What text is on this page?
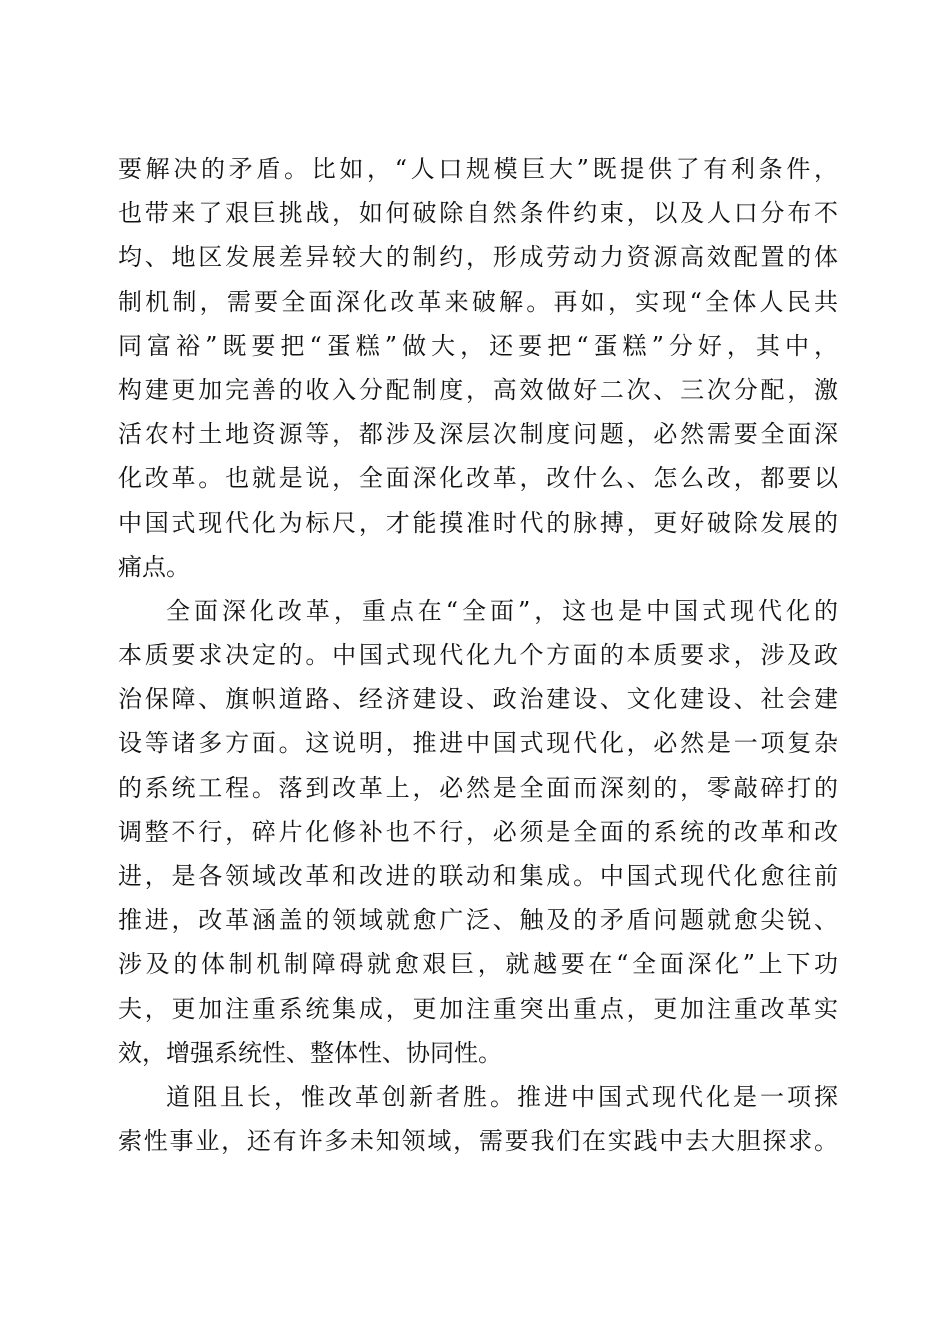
要解决的矛盾。比如，“人口规模巨大”既提供了有利条件，
也带来了艰巨挑战，如何破除自然条件约束，以及人口分布不
均、地区发展差异较大的制约，形成劳动力资源高效配置的体
制机制，需要全面深化改革来破解。再如，实现“全体人民共
同富裕”既要把“蛋糕”做大，还要把“蛋糕”分好，其中，
构建更加完善的收入分配制度，高效做好二次、三次分配，激
活农村土地资源等，都涉及深层次制度问题，必然需要全面深
化改革。也就是说，全面深化改革，改什么、怎么改，都要以
中国式现代化为标尺，才能摸准时代的脉搏，更好破除发展的
痛点。
全面深化改革，重点在“全面”，这也是中国式现代化的
本质要求决定的。中国式现代化九个方面的本质要求，涉及政
治保障、旗帜道路、经济建设、政治建设、文化建设、社会建
设等诸多方面。这说明，推进中国式现代化，必然是一项复杂
的系统工程。落到改革上，必然是全面而深刻的，零敲碎打的
调整不行，碎片化修补也不行，必须是全面的系统的改革和改
进，是各领域改革和改进的联动和集成。中国式现代化愈往前
推进，改革涵盖的领域就愈广泛、触及的矛盾问题就愈尖锐、
涉及的体制机制障碍就愈艰巨，就越要在“全面深化”上下功
夫，更加注重系统集成，更加注重突出重点，更加注重改革实
效，增强系统性、整体性、协同性。
道阻且长，惟改革创新者胜。推进中国式现代化是一项探
索性事业，还有许多未知领域，需要我们在实践中去大胆探求。
